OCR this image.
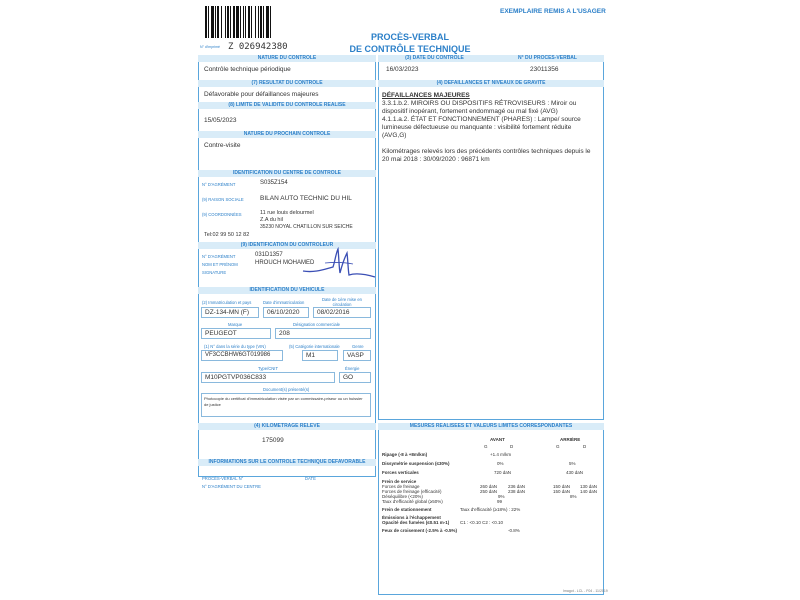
EXEMPLAIRE REMIS A L'USAGER
PROCÈS-VERBAL
DE CONTRÔLE TECHNIQUE
N° d'imprimé Z 026942380
NATURE DU CONTRÔLE
Contrôle technique périodique
(3) DATE DU CONTRÔLE	N° DU PROCÈS-VERBAL
16/03/2023	23011356
(7) RÉSULTAT DU CONTRÔLE
Défavorable pour défaillances majeures
(8) LIMITE DE VALIDITÉ DU CONTRÔLE RÉALISÉ
15/05/2023
NATURE DU PROCHAIN CONTRÔLE
Contre-visite
(4) DÉFAILLANCES ET NIVEAUX DE GRAVITÉ
DÉFAILLANCES MAJEURES
3.3.1.b.2. MIROIRS OU DISPOSITIFS RÉTROVISEURS : Miroir ou
dispositif inopérant, fortement endommagé ou mal fixé (AVG)
4.1.1.a.2. ÉTAT ET FONCTIONNEMENT (PHARES) : Lampe/ source
lumineuse défectueuse ou manquante : visibilité fortement réduite
(AVG,G)
Kilométrages relevés lors des précédents contrôles techniques depuis le
20 mai 2018 : 30/09/2020 : 96871 km
IDENTIFICATION DU CENTRE DE CONTRÔLE
N° D'AGRÉMENT	S035Z154
(9) RAISON SOCIALE	BILAN AUTO TECHNIC DU HIL
(9) COORDONNÉES	11 rue louis delourmel
Z.A du hil
35230 NOYAL CHATILLON SUR SEICHE
Tel:02 99 50 12 82
(9) IDENTIFICATION DU CONTRÔLEUR
N° D'AGRÉMENT	031D1357
NOM ET PRÉNOM	HROUCH MOHAMED
SIGNATURE
IDENTIFICATION DU VÉHICULE
(2) Immatriculation et pays	Date d'immatriculation
Date de 1ère mise en circulation
DZ-134-MN (F)	06/10/2020	08/02/2016
Marque	Désignation commerciale
PEUGEOT	208
(1) N° dans la série du type (VIN)	(5) Catégorie internationale	Genre
VF3CCBHW6GT019986	M1	VASP
Type/CNIT	Énergie
M10PGTVP036C833	GO
Document(s) présenté(s)
Photocopie du certificat d'immatriculation visée par un commissaire-priseur ou un huissier de justice
(4) KILOMÉTRAGE RELEVÉ
175099
INFORMATIONS SUR LE CONTRÔLE TECHNIQUE DÉFAVORABLE
PROCÈS-VERBAL N°	DATE
N° D'AGRÉMENT DU CENTRE
MESURES RÉALISÉES ET VALEURS LIMITES CORRESPONDANTES
AVANT	ARRIÈRE
G	D	G	D
Ripage (-8 à +8m/km)	+1.4 m/km
Dissymétrie suspension (≤30%)	0%	5%
Forces verticales	720 daN	430 daN
Frein de service
Forces de freinage	260 daN 236 daN	150 daN 130 daN
Forces de freinage (efficacité)	250 daN 238 daN	150 daN 140 daN
Déséquilibre (<20%)	9%	8%
Taux d'efficacité global (≥50%)	99
Frein de stationnement	Taux d'efficacité (≥18%) : 22%
Émissions à l'échappement
Opacité des fumées (≤0.51 m-1) C1 : <0.10 C2 : <0.10
Feux de croisement (-2.5% à -0.5%)	-0.8%
Imagot - LCL - F04 - 11/2019
